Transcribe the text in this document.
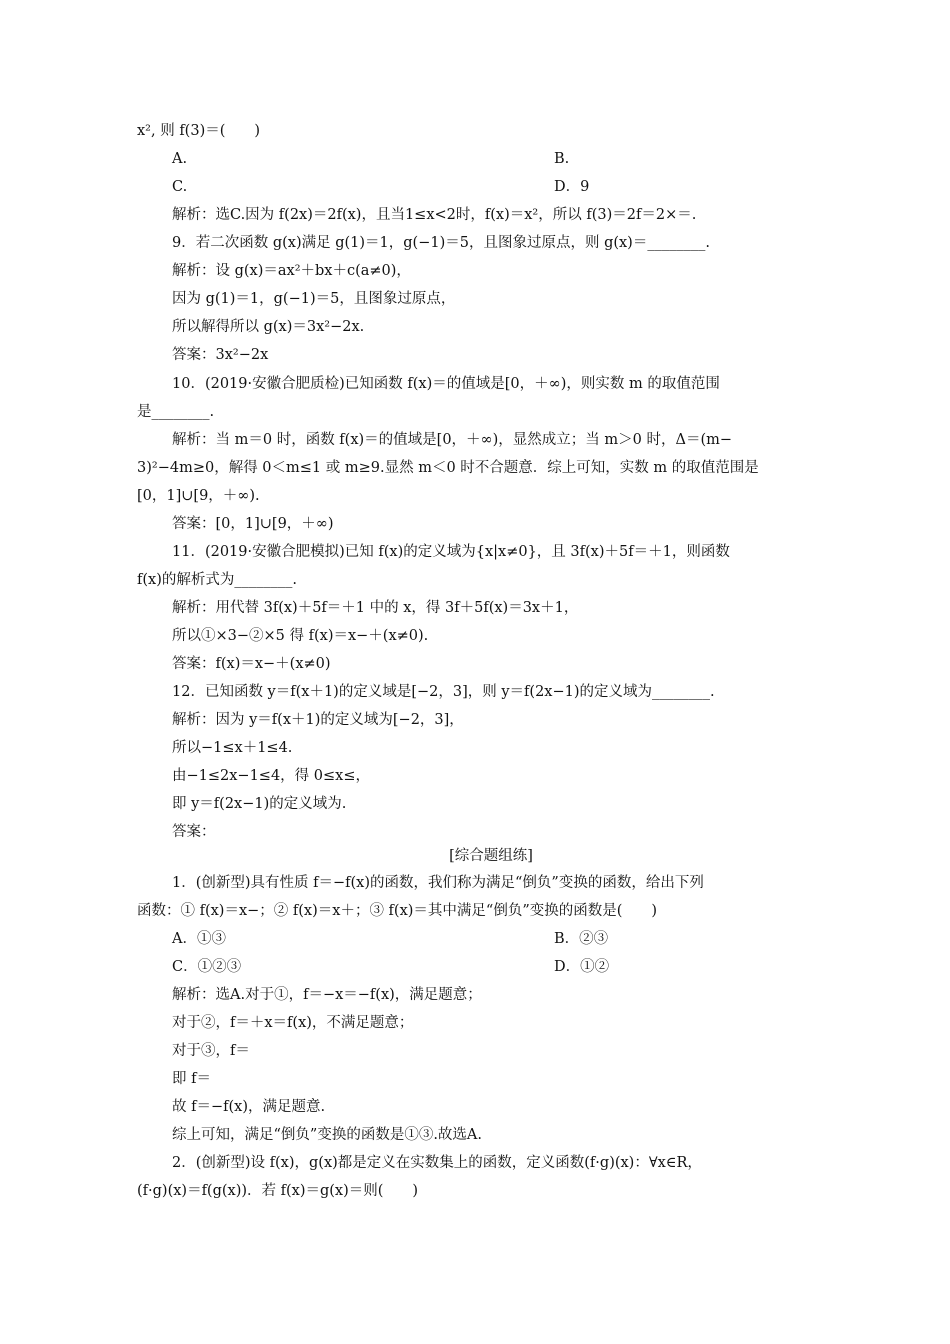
x², 则 f(3)＝(　　)
A.	B.
C.	D．9
解析：选C.因为 f(2x)＝2f(x)，且当1≤x<2时，f(x)＝x²，所以 f(3)＝2f＝2×＝.
9．若二次函数 g(x)满足 g(1)＝1，g(−1)＝5，且图象过原点，则 g(x)＝________.
解析：设 g(x)＝ax²＋bx＋c(a≠0)，
因为 g(1)＝1，g(−1)＝5，且图象过原点，
所以解得所以 g(x)＝3x²−2x.
答案：3x²−2x
10．(2019·安徽合肥质检)已知函数 f(x)＝的值域是[0，＋∞)，则实数 m 的取值范围
是________.
解析：当 m＝0 时，函数 f(x)＝的值域是[0，＋∞)，显然成立；当 m＞0 时，Δ＝(m−
3)²−4m≥0，解得 0＜m≤1 或 m≥9.显然 m＜0 时不合题意．综上可知，实数 m 的取值范围是
[0，1]∪[9，＋∞).
答案：[0，1]∪[9，＋∞)
11．(2019·安徽合肥模拟)已知 f(x)的定义域为{x|x≠0}，且 3f(x)＋5f＝＋1，则函数
f(x)的解析式为________.
解析：用代替 3f(x)＋5f＝＋1 中的 x，得 3f＋5f(x)＝3x＋1，
所以①×3−②×5 得 f(x)＝x−＋(x≠0).
答案：f(x)＝x−＋(x≠0)
12．已知函数 y＝f(x＋1)的定义域是[−2，3]，则 y＝f(2x−1)的定义域为________.
解析：因为 y＝f(x＋1)的定义域为[−2，3]，
所以−1≤x＋1≤4.
由−1≤2x−1≤4，得 0≤x≤，
即 y＝f(2x−1)的定义域为.
答案：
[综合题组练]
1．(创新型)具有性质 f＝−f(x)的函数，我们称为满足“倒负”变换的函数，给出下列
函数：① f(x)＝x−；② f(x)＝x＋；③ f(x)＝其中满足“倒负”变换的函数是(　　)
A．①③	B．②③
C．①②③	D．①②
解析：选A.对于①，f＝−x＝−f(x)，满足题意；
对于②，f＝＋x＝f(x)，不满足题意；
对于③，f＝
即 f＝
故 f＝−f(x)，满足题意.
综上可知，满足“倒负”变换的函数是①③.故选A.
2．(创新型)设 f(x)，g(x)都是定义在实数集上的函数，定义函数(f·g)(x)：∀x∈R，
(f·g)(x)＝f(g(x))．若 f(x)＝g(x)＝则(　　)
